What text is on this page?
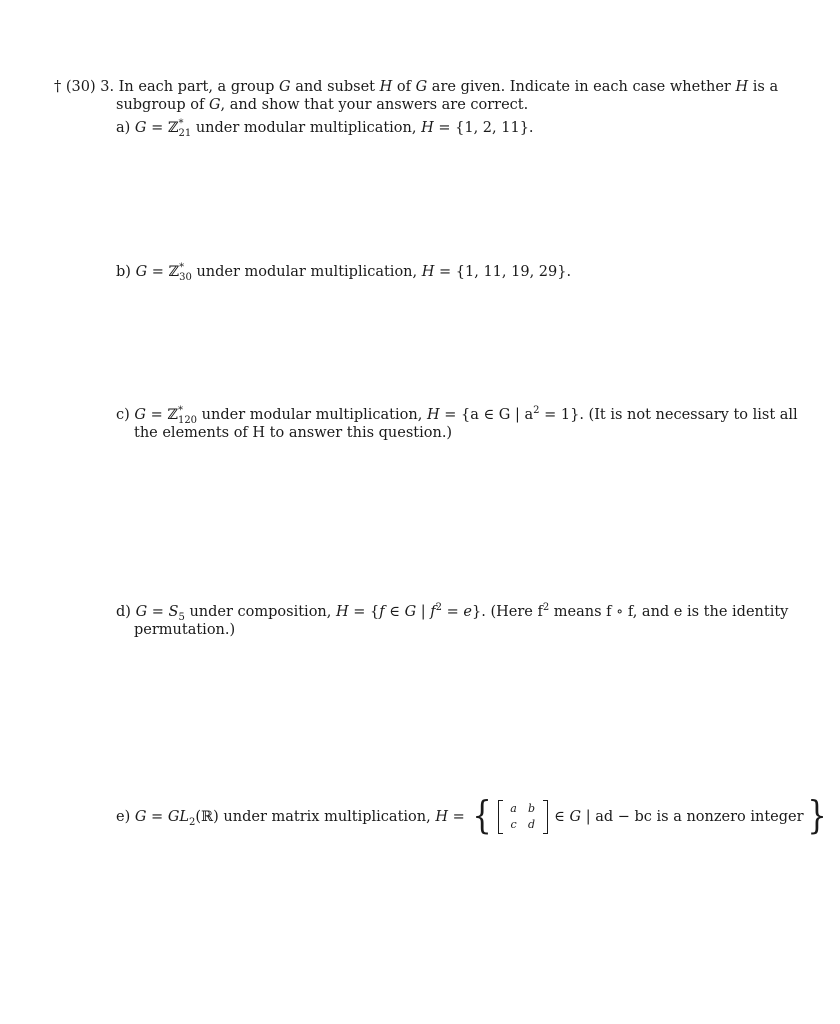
† (30) 3. In each part, a group G and subset H of G are given. Indicate in each case whether H is a
subgroup of G, and show that your answers are correct.
a) G = ℤ*$_{21}$ under modular multiplication, H = {1, 2, 11}.
b) G = ℤ*$_{30}$ under modular multiplication, H = {1, 11, 19, 29}.
c) G = ℤ*$_{120}$ under modular multiplication, H = {a ∈ G | $a^2 = 1$}. (It is not necessary to list all
the elements of H to answer this question.)
d) $G = S_5$ under composition, H = {f ∈ G | $f^2 = e$}. (Here $f^2$ means f ∘ f, and e is the identity
permutation.)
e)
$G = GL_2(ℝ)$ under matrix multiplication,
H = {	a	b
c	d ∈ G | ad − bc is a nonzero integer }
